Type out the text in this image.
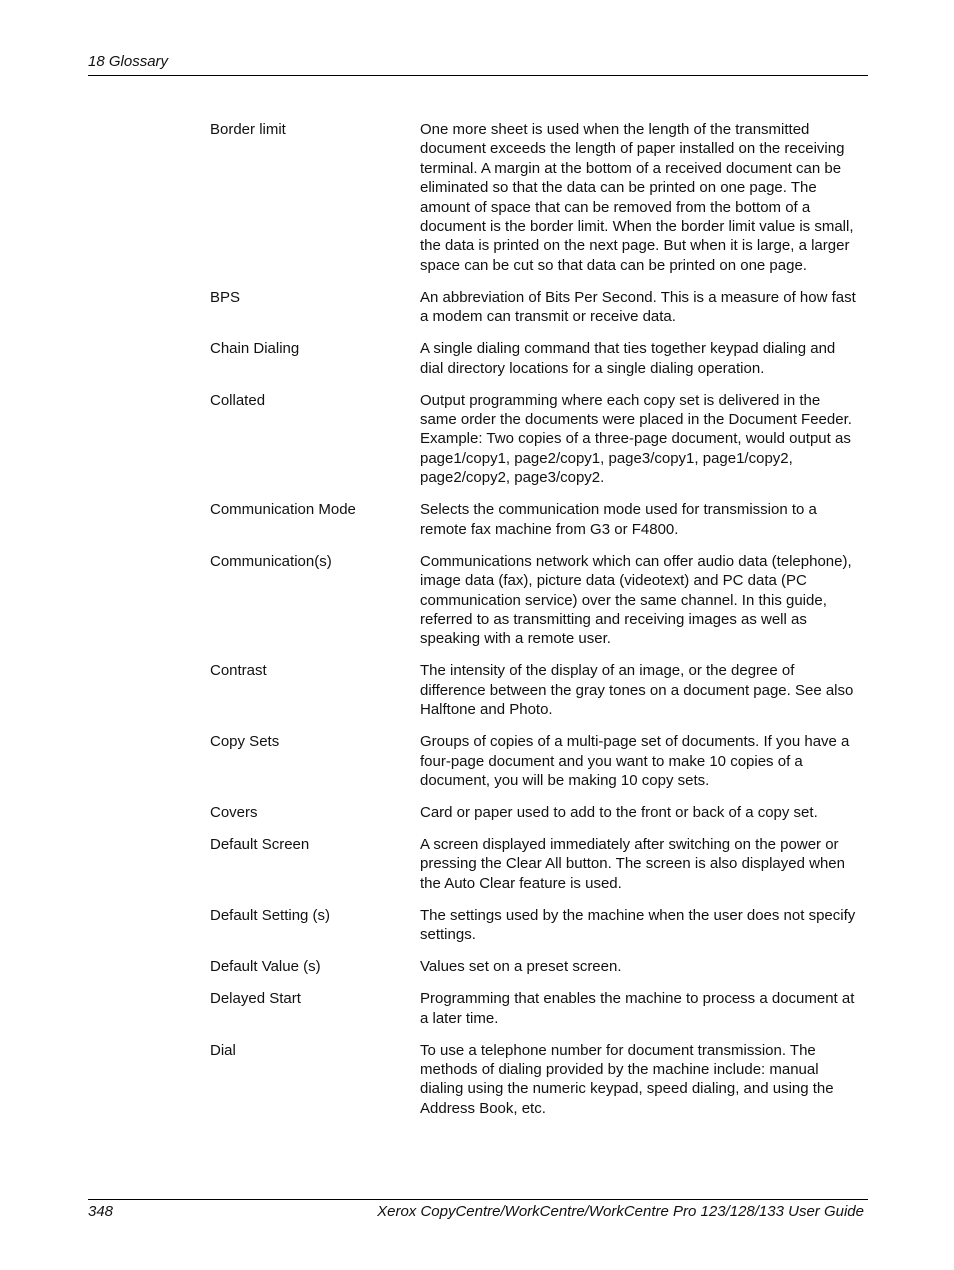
18 Glossary
Border limit	One more sheet is used when the length of the transmitted document exceeds the length of paper installed on the receiving terminal. A margin at the bottom of a received document can be eliminated so that the data can be printed on one page. The amount of space that can be removed from the bottom of a document is the border limit. When the border limit value is small, the data is printed on the next page. But when it is large, a larger space can be cut so that data can be printed on one page.
BPS	An abbreviation of Bits Per Second. This is a measure of how fast a modem can transmit or receive data.
Chain Dialing	A single dialing command that ties together keypad dialing and dial directory locations for a single dialing operation.
Collated	Output programming where each copy set is delivered in the same order the documents were placed in the Document Feeder. Example: Two copies of a three-page document, would output as page1/copy1, page2/copy1, page3/copy1, page1/copy2, page2/copy2, page3/copy2.
Communication Mode	Selects the communication mode used for transmission to a remote fax machine from G3 or F4800.
Communication(s)	Communications network which can offer audio data (telephone), image data (fax), picture data (videotext) and PC data (PC communication service) over the same channel. In this guide, referred to as transmitting and receiving images as well as speaking with a remote user.
Contrast	The intensity of the display of an image, or the degree of difference between the gray tones on a document page. See also Halftone and Photo.
Copy Sets	Groups of copies of a multi-page set of documents. If you have a four-page document and you want to make 10 copies of a document, you will be making 10 copy sets.
Covers	Card or paper used to add to the front or back of a copy set.
Default Screen	A screen displayed immediately after switching on the power or pressing the Clear All button. The screen is also displayed when the Auto Clear feature is used.
Default Setting (s)	The settings used by the machine when the user does not specify settings.
Default Value (s)	Values set on a preset screen.
Delayed Start	Programming that enables the machine to process a document at a later time.
Dial	To use a telephone number for document transmission. The methods of dialing provided by the machine include: manual dialing using the numeric keypad, speed dialing, and using the Address Book, etc.
348	Xerox CopyCentre/WorkCentre/WorkCentre Pro 123/128/133 User Guide
